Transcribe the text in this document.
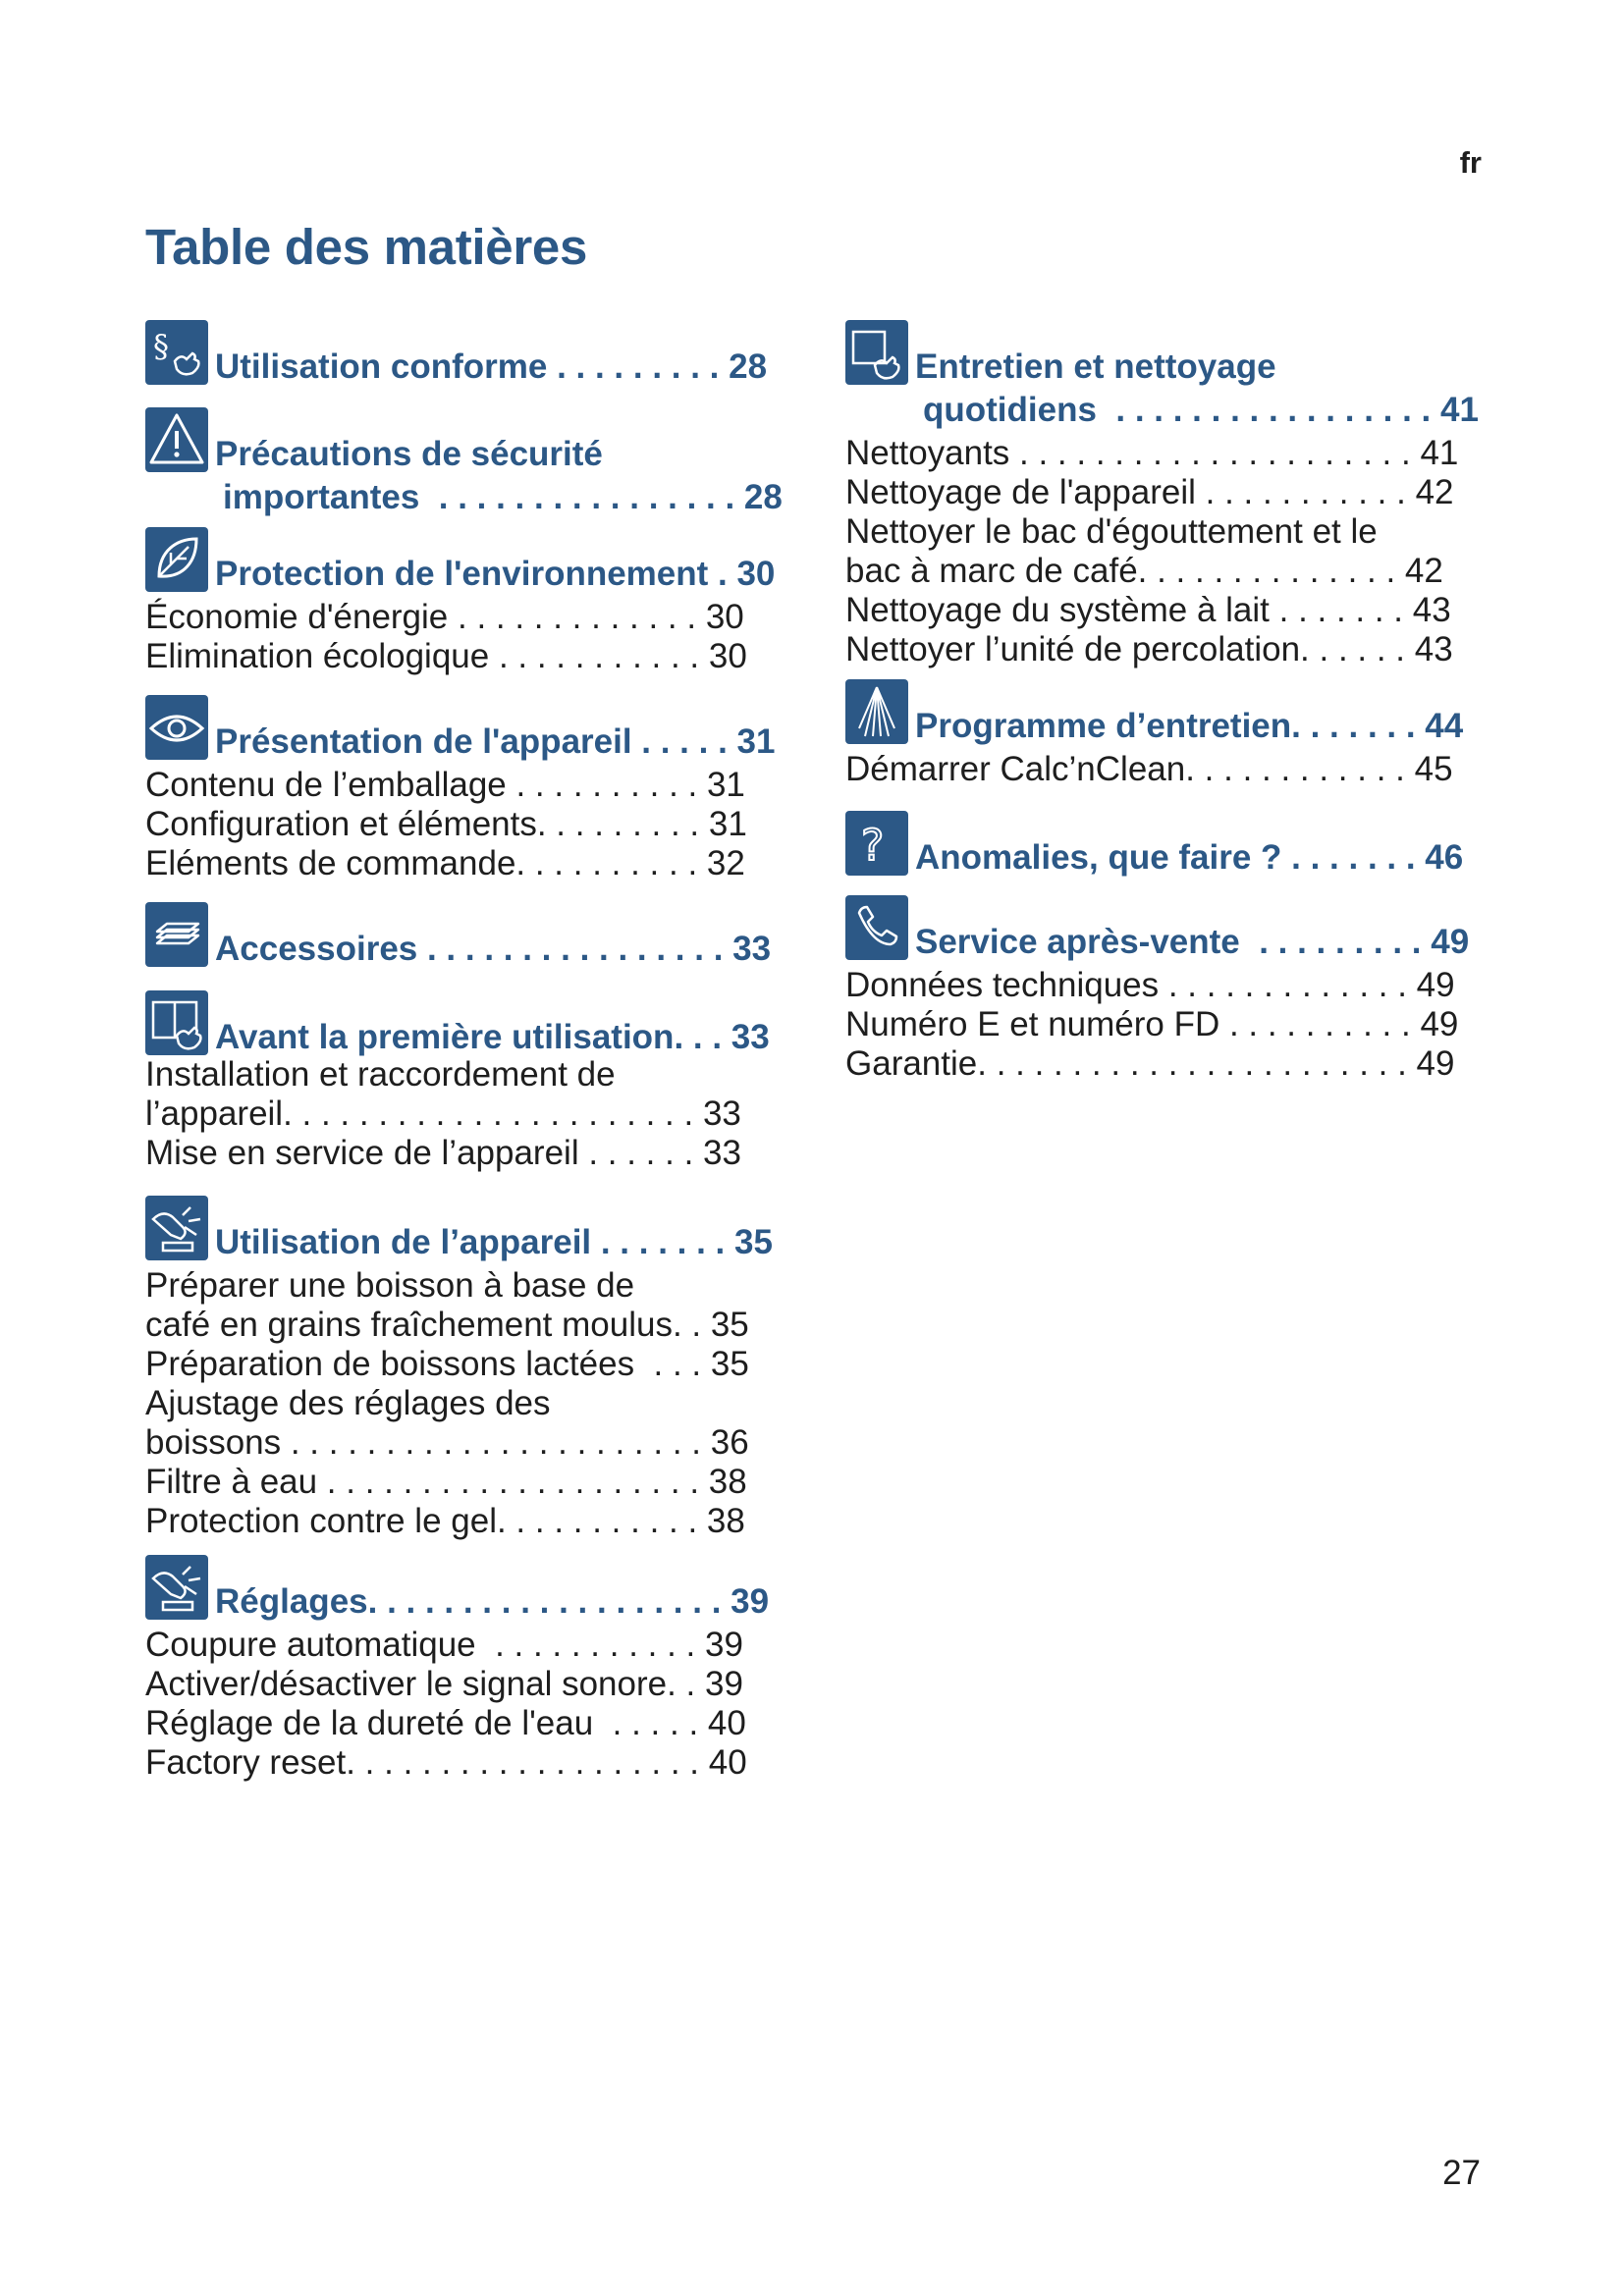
fr
Table des matières
§
Utilisation conforme . . . . . . . . . 28
Précautions de sécurité
importantes  . . . . . . . . . . . . . . . . 28
Protection de l'environnement . 30
Économie d'énergie . . . . . . . . . . . . . 30
Elimination écologique . . . . . . . . . . . 30
Présentation de l'appareil . . . . . 31
Contenu de l’emballage . . . . . . . . . . 31
Configuration et éléments. . . . . . . . . 31
Eléments de commande. . . . . . . . . . 32
Accessoires . . . . . . . . . . . . . . . . 33
Avant la première utilisation. . . 33
Installation et raccordement de
l’appareil. . . . . . . . . . . . . . . . . . . . . . 33
Mise en service de l’appareil . . . . . . 33
Utilisation de l’appareil . . . . . . . 35
Préparer une boisson à base de
café en grains fraîchement moulus. . 35
Préparation de boissons lactées  . . . 35
Ajustage des réglages des
boissons . . . . . . . . . . . . . . . . . . . . . . 36
Filtre à eau . . . . . . . . . . . . . . . . . . . . 38
Protection contre le gel. . . . . . . . . . . 38
Réglages. . . . . . . . . . . . . . . . . . . 39
Coupure automatique  . . . . . . . . . . . 39
Activer/désactiver le signal sonore. . 39
Réglage de la dureté de l'eau  . . . . . 40
Factory reset. . . . . . . . . . . . . . . . . . . 40
Entretien et nettoyage
quotidiens  . . . . . . . . . . . . . . . . . 41
Nettoyants . . . . . . . . . . . . . . . . . . . . . 41
Nettoyage de l'appareil . . . . . . . . . . . 42
Nettoyer le bac d'égouttement et le
bac à marc de café. . . . . . . . . . . . . . 42
Nettoyage du système à lait . . . . . . . 43
Nettoyer l’unité de percolation. . . . . . 43
Programme d’entretien. . . . . . . 44
Démarrer Calc’nClean. . . . . . . . . . . . 45
? Anomalies, que faire ? . . . . . . . 46
Service après-vente  . . . . . . . . . 49
Données techniques . . . . . . . . . . . . . 49
Numéro E et numéro FD . . . . . . . . . . 49
Garantie. . . . . . . . . . . . . . . . . . . . . . . 49
27
